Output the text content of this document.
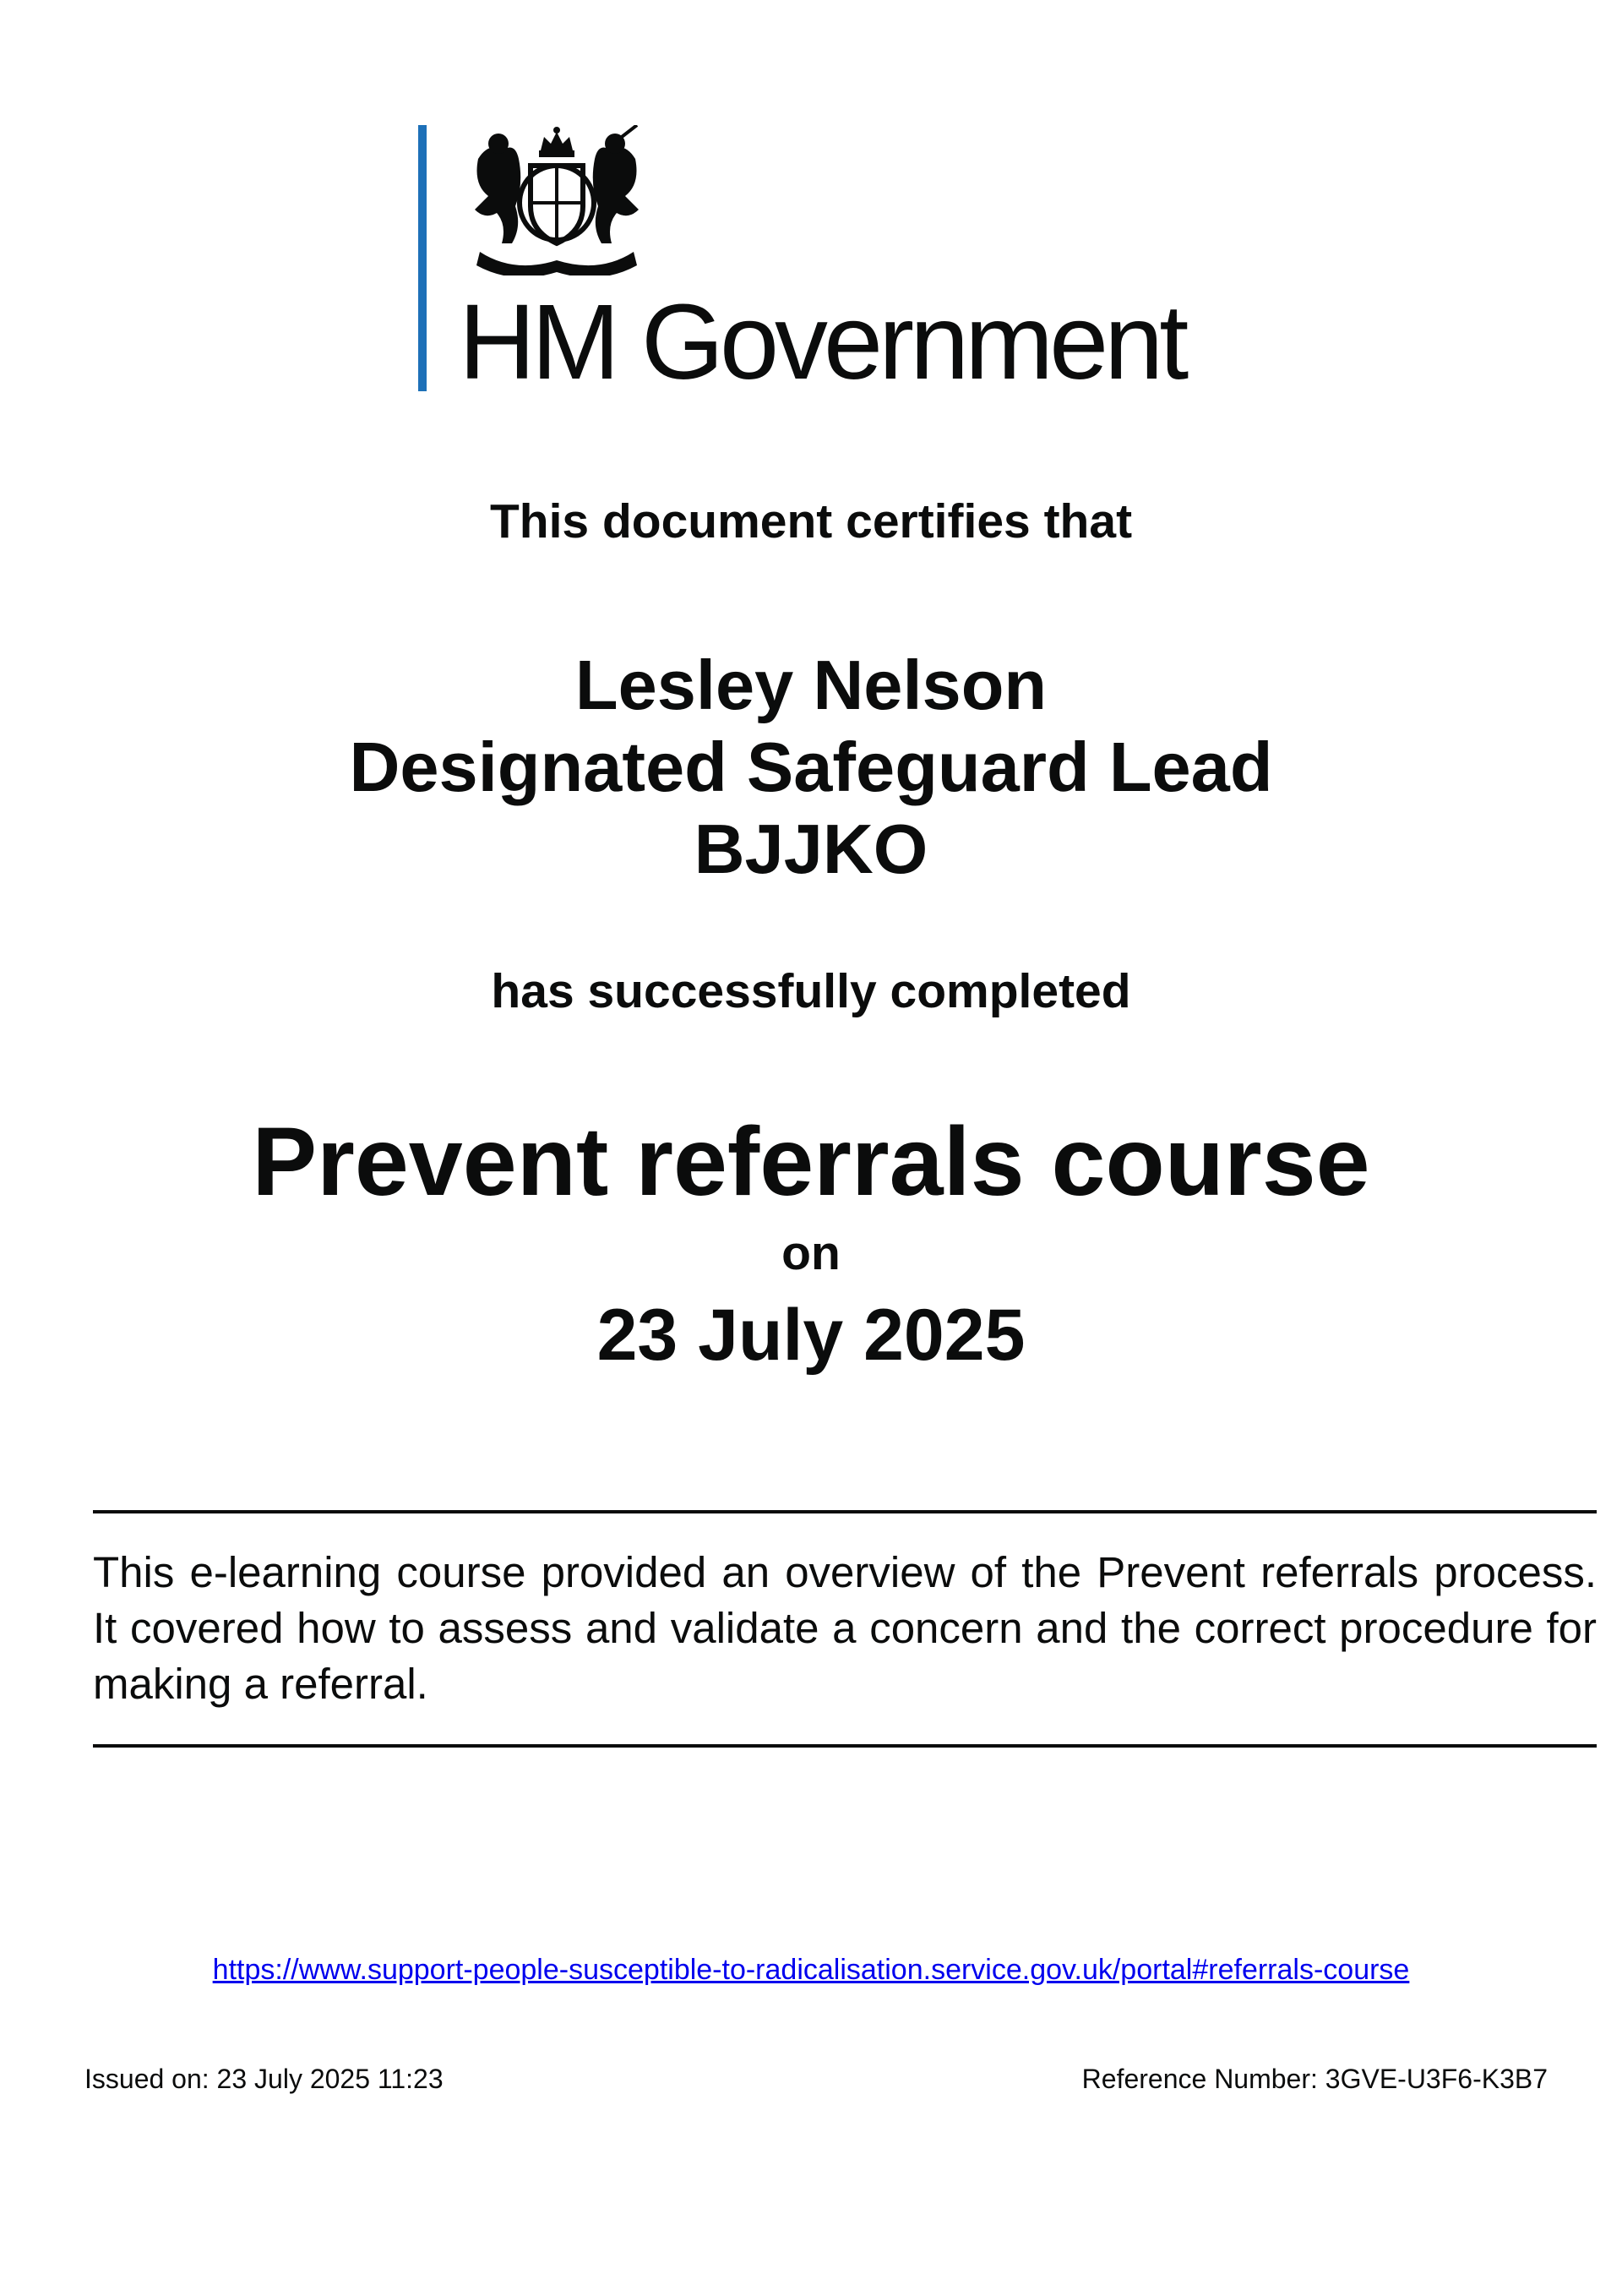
HM Government
This document certifies that
Lesley Nelson
Designated Safeguard Lead
BJJKO
has successfully completed
Prevent referrals course
on
23 July 2025
This e-learning course provided an overview of the Prevent referrals process. It covered how to assess and validate a concern and the correct procedure for making a referral.
https://www.support-people-susceptible-to-radicalisation.service.gov.uk/portal#referrals-course
Issued on: 23 July 2025 11:23	Reference Number: 3GVE-U3F6-K3B7
